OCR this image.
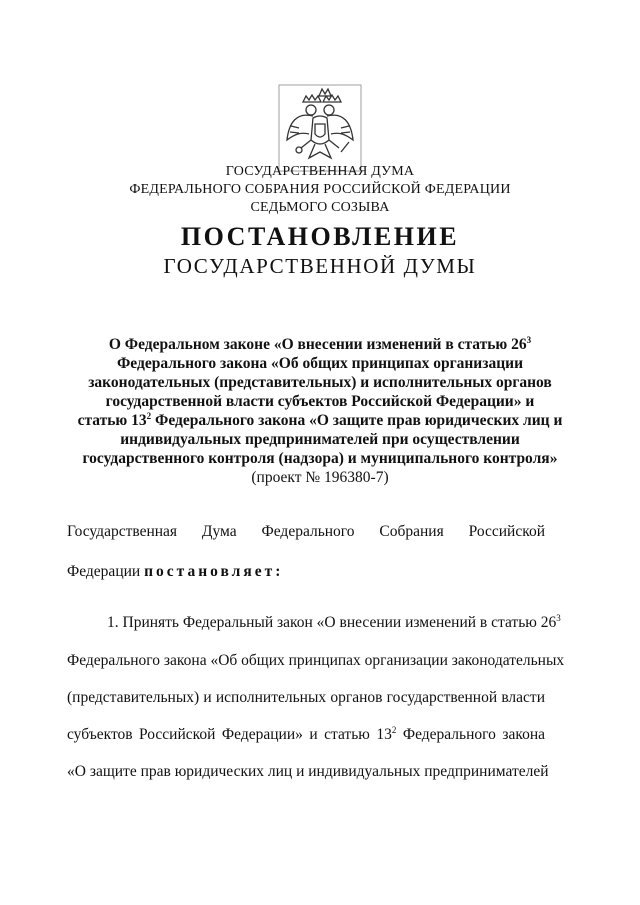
ГОСУДАРСТВЕННАЯ ДУМА
ФЕДЕРАЛЬНОГО СОБРАНИЯ РОССИЙСКОЙ ФЕДЕРАЦИИ
СЕДЬМОГО СОЗЫВА
ПОСТАНОВЛЕНИЕ
ГОСУДАРСТВЕННОЙ ДУМЫ
О Федеральном законе «О внесении изменений в статью $26^3$
Федерального закона «Об общих принципах организации
законодательных (представительных) и исполнительных органов
государственной власти субъектов Российской Федерации» и
статью $13^2$ Федерального закона «О защите прав юридических лиц и
индивидуальных предпринимателей при осуществлении
государственного контроля (надзора) и муниципального контроля»
(проект № 196380-7)
Государственная Дума Федерального Собрания Российской
Федерации постановляет:
1. Принять Федеральный закон «О внесении изменений в статью $26^3$
Федерального закона «Об общих принципах организации законодательных
(представительных) и исполнительных органов государственной власти
субъектов Российской Федерации» и статью $13^2$ Федерального закона
«О защите прав юридических лиц и индивидуальных предпринимателей
